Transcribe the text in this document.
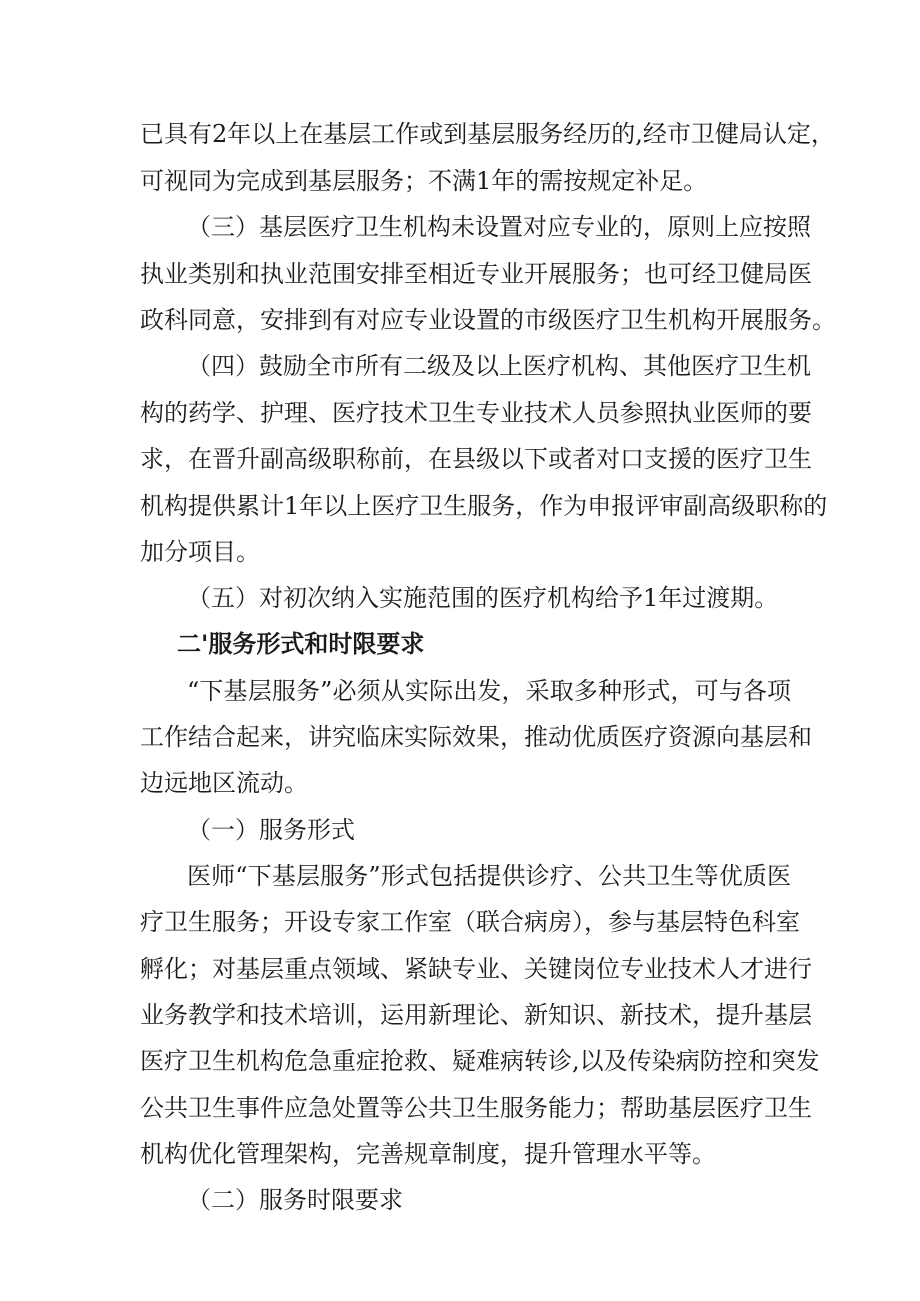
已具有2年以上在基层工作或到基层服务经历的,经市卫健局认定，
可视同为完成到基层服务；不满1年的需按规定补足。
（三）基层医疗卫生机构未设置对应专业的，原则上应按照
执业类别和执业范围安排至相近专业开展服务；也可经卫健局医
政科同意，安排到有对应专业设置的市级医疗卫生机构开展服务。
（四）鼓励全市所有二级及以上医疗机构、其他医疗卫生机
构的药学、护理、医疗技术卫生专业技术人员参照执业医师的要
求，在晋升副高级职称前，在县级以下或者对口支援的医疗卫生
机构提供累计1年以上医疗卫生服务，作为申报评审副高级职称的
加分项目。
（五）对初次纳入实施范围的医疗机构给予1年过渡期。
二'服务形式和时限要求
“下基层服务”必须从实际出发，采取多种形式，可与各项
工作结合起来，讲究临床实际效果，推动优质医疗资源向基层和
边远地区流动。
（一）服务形式
医师“下基层服务”形式包括提供诊疗、公共卫生等优质医
疗卫生服务；开设专家工作室（联合病房），参与基层特色科室
孵化；对基层重点领域、紧缺专业、关键岗位专业技术人才进行
业务教学和技术培训，运用新理论、新知识、新技术，提升基层
医疗卫生机构危急重症抢救、疑难病转诊,以及传染病防控和突发
公共卫生事件应急处置等公共卫生服务能力；帮助基层医疗卫生
机构优化管理架构，完善规章制度，提升管理水平等。
（二）服务时限要求
